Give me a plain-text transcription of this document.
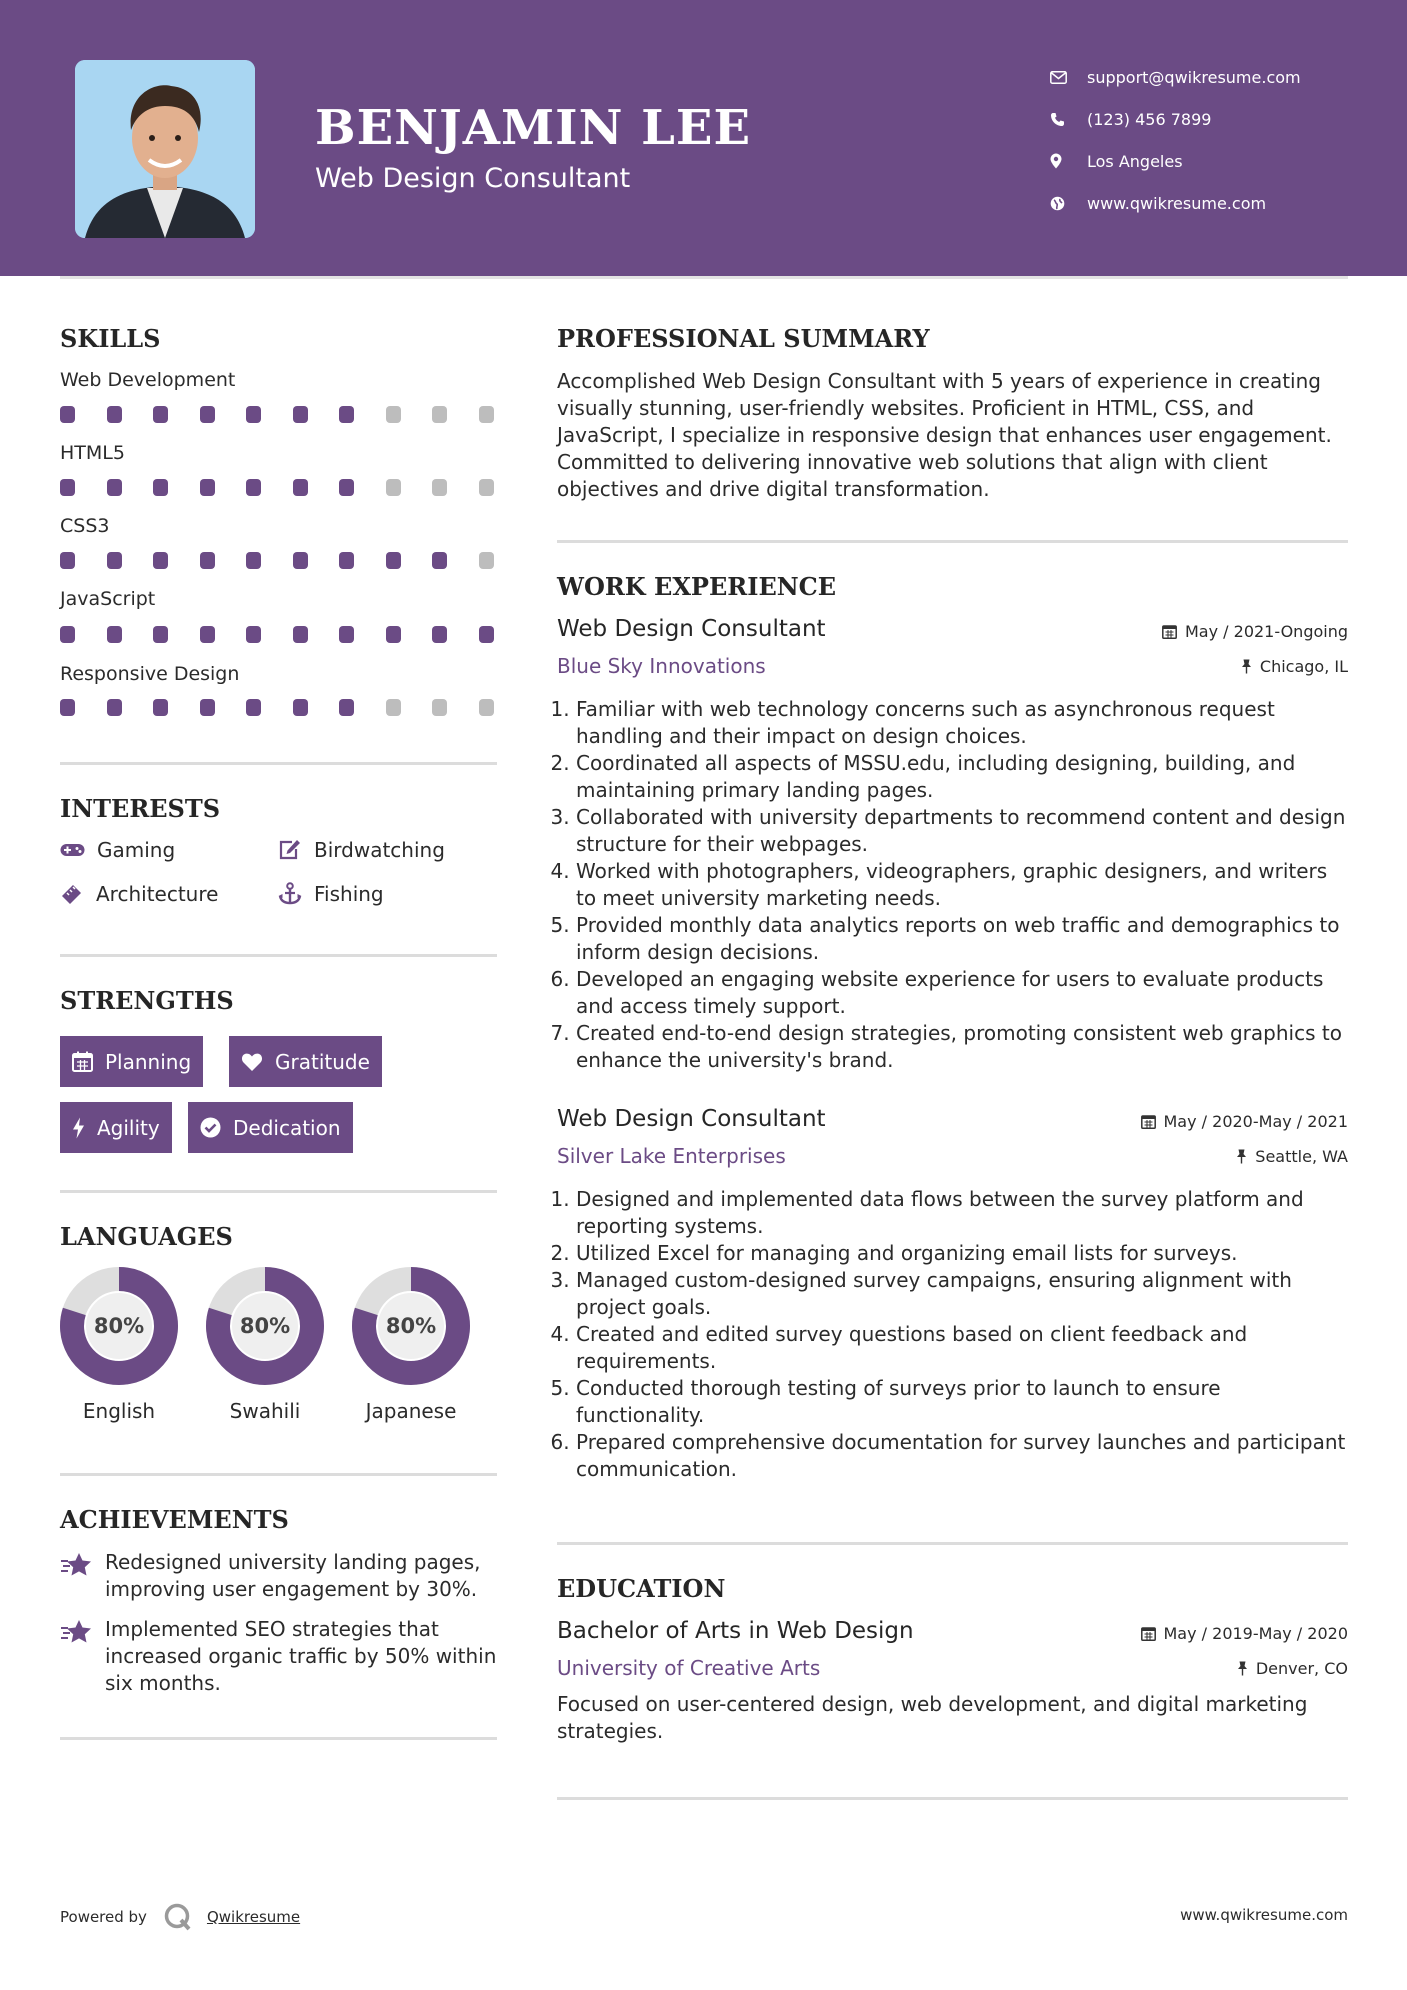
BENJAMIN LEE
Web Design Consultant
support@qwikresume.com
(123) 456 7899
Los Angeles
www.qwikresume.com
SKILLS
Web Development
HTML5
CSS3
JavaScript
Responsive Design
INTERESTS
Gaming	Birdwatching
Architecture	Fishing
STRENGTHS
Planning	Gratitude
Agility	Dedication
LANGUAGES
80%
English
80%
Swahili
80%
Japanese
ACHIEVEMENTS
Redesigned university landing pages, improving user engagement by 30%.
Implemented SEO strategies that increased organic traffic by 50% within six months.
PROFESSIONAL SUMMARY
Accomplished Web Design Consultant with 5 years of experience in creating visually stunning, user-friendly websites. Proficient in HTML, CSS, and JavaScript, I specialize in responsive design that enhances user engagement. Committed to delivering innovative web solutions that align with client objectives and drive digital transformation.
WORK EXPERIENCE
Web Design Consultant	May / 2021-Ongoing
Blue Sky Innovations	Chicago, IL
1. Familiar with web technology concerns such as asynchronous request handling and their impact on design choices.
2. Coordinated all aspects of MSSU.edu, including designing, building, and maintaining primary landing pages.
3. Collaborated with university departments to recommend content and design structure for their webpages.
4. Worked with photographers, videographers, graphic designers, and writers to meet university marketing needs.
5. Provided monthly data analytics reports on web traffic and demographics to inform design decisions.
6. Developed an engaging website experience for users to evaluate products and access timely support.
7. Created end-to-end design strategies, promoting consistent web graphics to enhance the university's brand.
Web Design Consultant	May / 2020-May / 2021
Silver Lake Enterprises	Seattle, WA
1. Designed and implemented data flows between the survey platform and reporting systems.
2. Utilized Excel for managing and organizing email lists for surveys.
3. Managed custom-designed survey campaigns, ensuring alignment with project goals.
4. Created and edited survey questions based on client feedback and requirements.
5. Conducted thorough testing of surveys prior to launch to ensure functionality.
6. Prepared comprehensive documentation for survey launches and participant communication.
EDUCATION
Bachelor of Arts in Web Design	May / 2019-May / 2020
University of Creative Arts	Denver, CO
Focused on user-centered design, web development, and digital marketing strategies.
Powered by	Qwikresume	www.qwikresume.com
